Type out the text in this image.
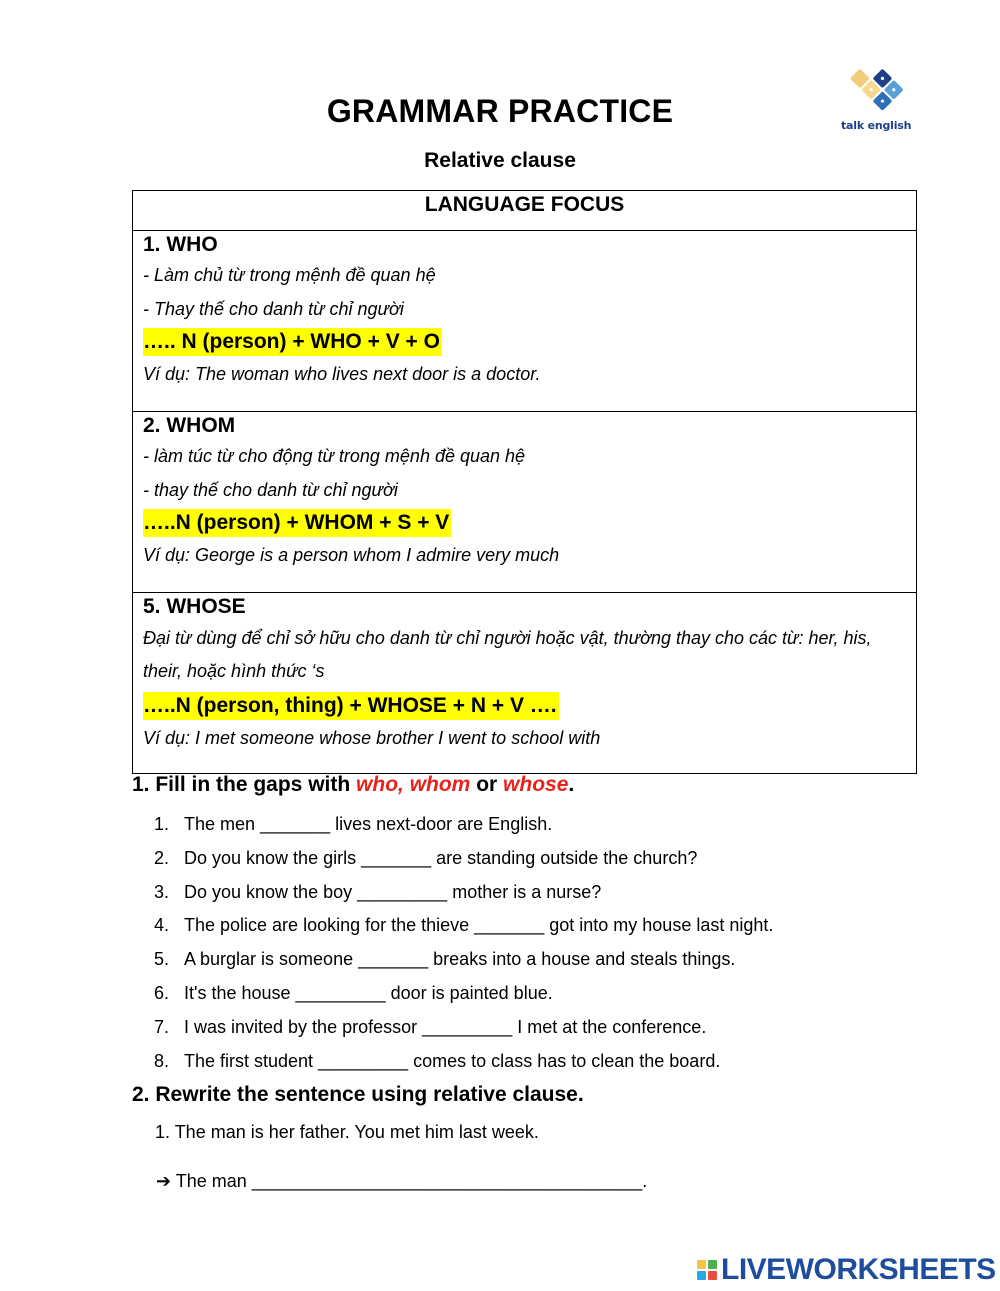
GRAMMAR PRACTICE
Relative clause
talk english
LANGUAGE FOCUS
1. WHO
- Làm chủ từ trong mệnh đề quan hệ
- Thay thế cho danh từ chỉ người
….. N (person) + WHO + V + O
Ví dụ: The woman who lives next door is a doctor.
2. WHOM
- làm túc từ cho động từ trong mệnh đề quan hệ
- thay thế cho danh từ chỉ người
…..N (person) + WHOM + S + V
Ví dụ: George is a person whom I admire very much
5. WHOSE
Đại từ dùng để chỉ sở hữu cho danh từ chỉ người hoặc vật, thường thay cho các từ: her, his, their, hoặc hình thức ‘s
…..N (person, thing) + WHOSE + N + V ….
Ví dụ: I met someone whose brother I went to school with
1. Fill in the gaps with who, whom or whose.
1. The men _______ lives next-door are English.
2. Do you know the girls _______ are standing outside the church?
3. Do you know the boy _________ mother is a nurse?
4. The police are looking for the thieve _______ got into my house last night.
5. A burglar is someone _______ breaks into a house and steals things.
6. It's the house _________ door is painted blue.
7. I was invited by the professor _________ I met at the conference.
8. The first student _________ comes to class has to clean the board.
2. Rewrite the sentence using relative clause.
1. The man is her father. You met him last week.
➔ The man _______________________________________.
LIVEWORKSHEETS
